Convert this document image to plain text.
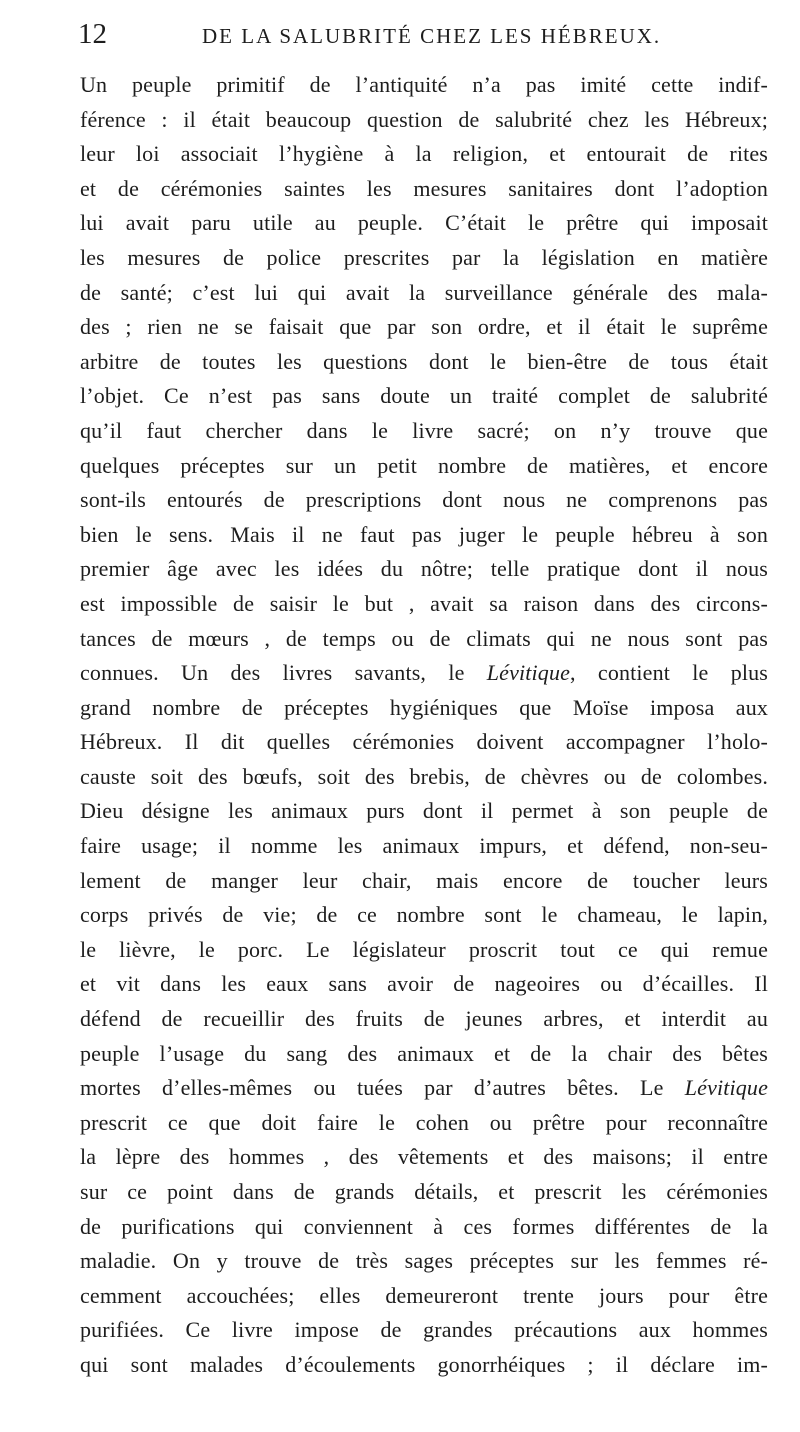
12	DE LA SALUBRITÉ CHEZ LES HÉBREUX.
Un peuple primitif de l’antiquité n’a pas imité cette indif-
férence : il était beaucoup question de salubrité chez les Hébreux;
leur loi associait l’hygiène à la religion, et entourait de rites
et de cérémonies saintes les mesures sanitaires dont l’adoption
lui avait paru utile au peuple. C’était le prêtre qui imposait
les mesures de police prescrites par la législation en matière
de santé; c’est lui qui avait la surveillance générale des mala-
des ; rien ne se faisait que par son ordre, et il était le suprême
arbitre de toutes les questions dont le bien-être de tous était
l’objet. Ce n’est pas sans doute un traité complet de salubrité
qu’il faut chercher dans le livre sacré; on n’y trouve que
quelques préceptes sur un petit nombre de matières, et encore
sont-ils entourés de prescriptions dont nous ne comprenons pas
bien le sens. Mais il ne faut pas juger le peuple hébreu à son
premier âge avec les idées du nôtre; telle pratique dont il nous
est impossible de saisir le but , avait sa raison dans des circons-
tances de mœurs , de temps ou de climats qui ne nous sont pas
connues. Un des livres savants, le Lévitique, contient le plus
grand nombre de préceptes hygiéniques que Moïse imposa aux
Hébreux. Il dit quelles cérémonies doivent accompagner l’holo-
causte soit des bœufs, soit des brebis, de chèvres ou de colombes.
Dieu désigne les animaux purs dont il permet à son peuple de
faire usage; il nomme les animaux impurs, et défend, non-seu-
lement de manger leur chair, mais encore de toucher leurs
corps privés de vie; de ce nombre sont le chameau, le lapin,
le lièvre, le porc. Le législateur proscrit tout ce qui remue
et vit dans les eaux sans avoir de nageoires ou d’écailles. Il
défend de recueillir des fruits de jeunes arbres, et interdit au
peuple l’usage du sang des animaux et de la chair des bêtes
mortes d’elles-mêmes ou tuées par d’autres bêtes. Le Lévitique
prescrit ce que doit faire le cohen ou prêtre pour reconnaître
la lèpre des hommes , des vêtements et des maisons; il entre
sur ce point dans de grands détails, et prescrit les cérémonies
de purifications qui conviennent à ces formes différentes de la
maladie. On y trouve de très sages préceptes sur les femmes ré-
cemment accouchées; elles demeureront trente jours pour être
purifiées. Ce livre impose de grandes précautions aux hommes
qui sont malades d’écoulements gonorrhéiques ; il déclare im-
